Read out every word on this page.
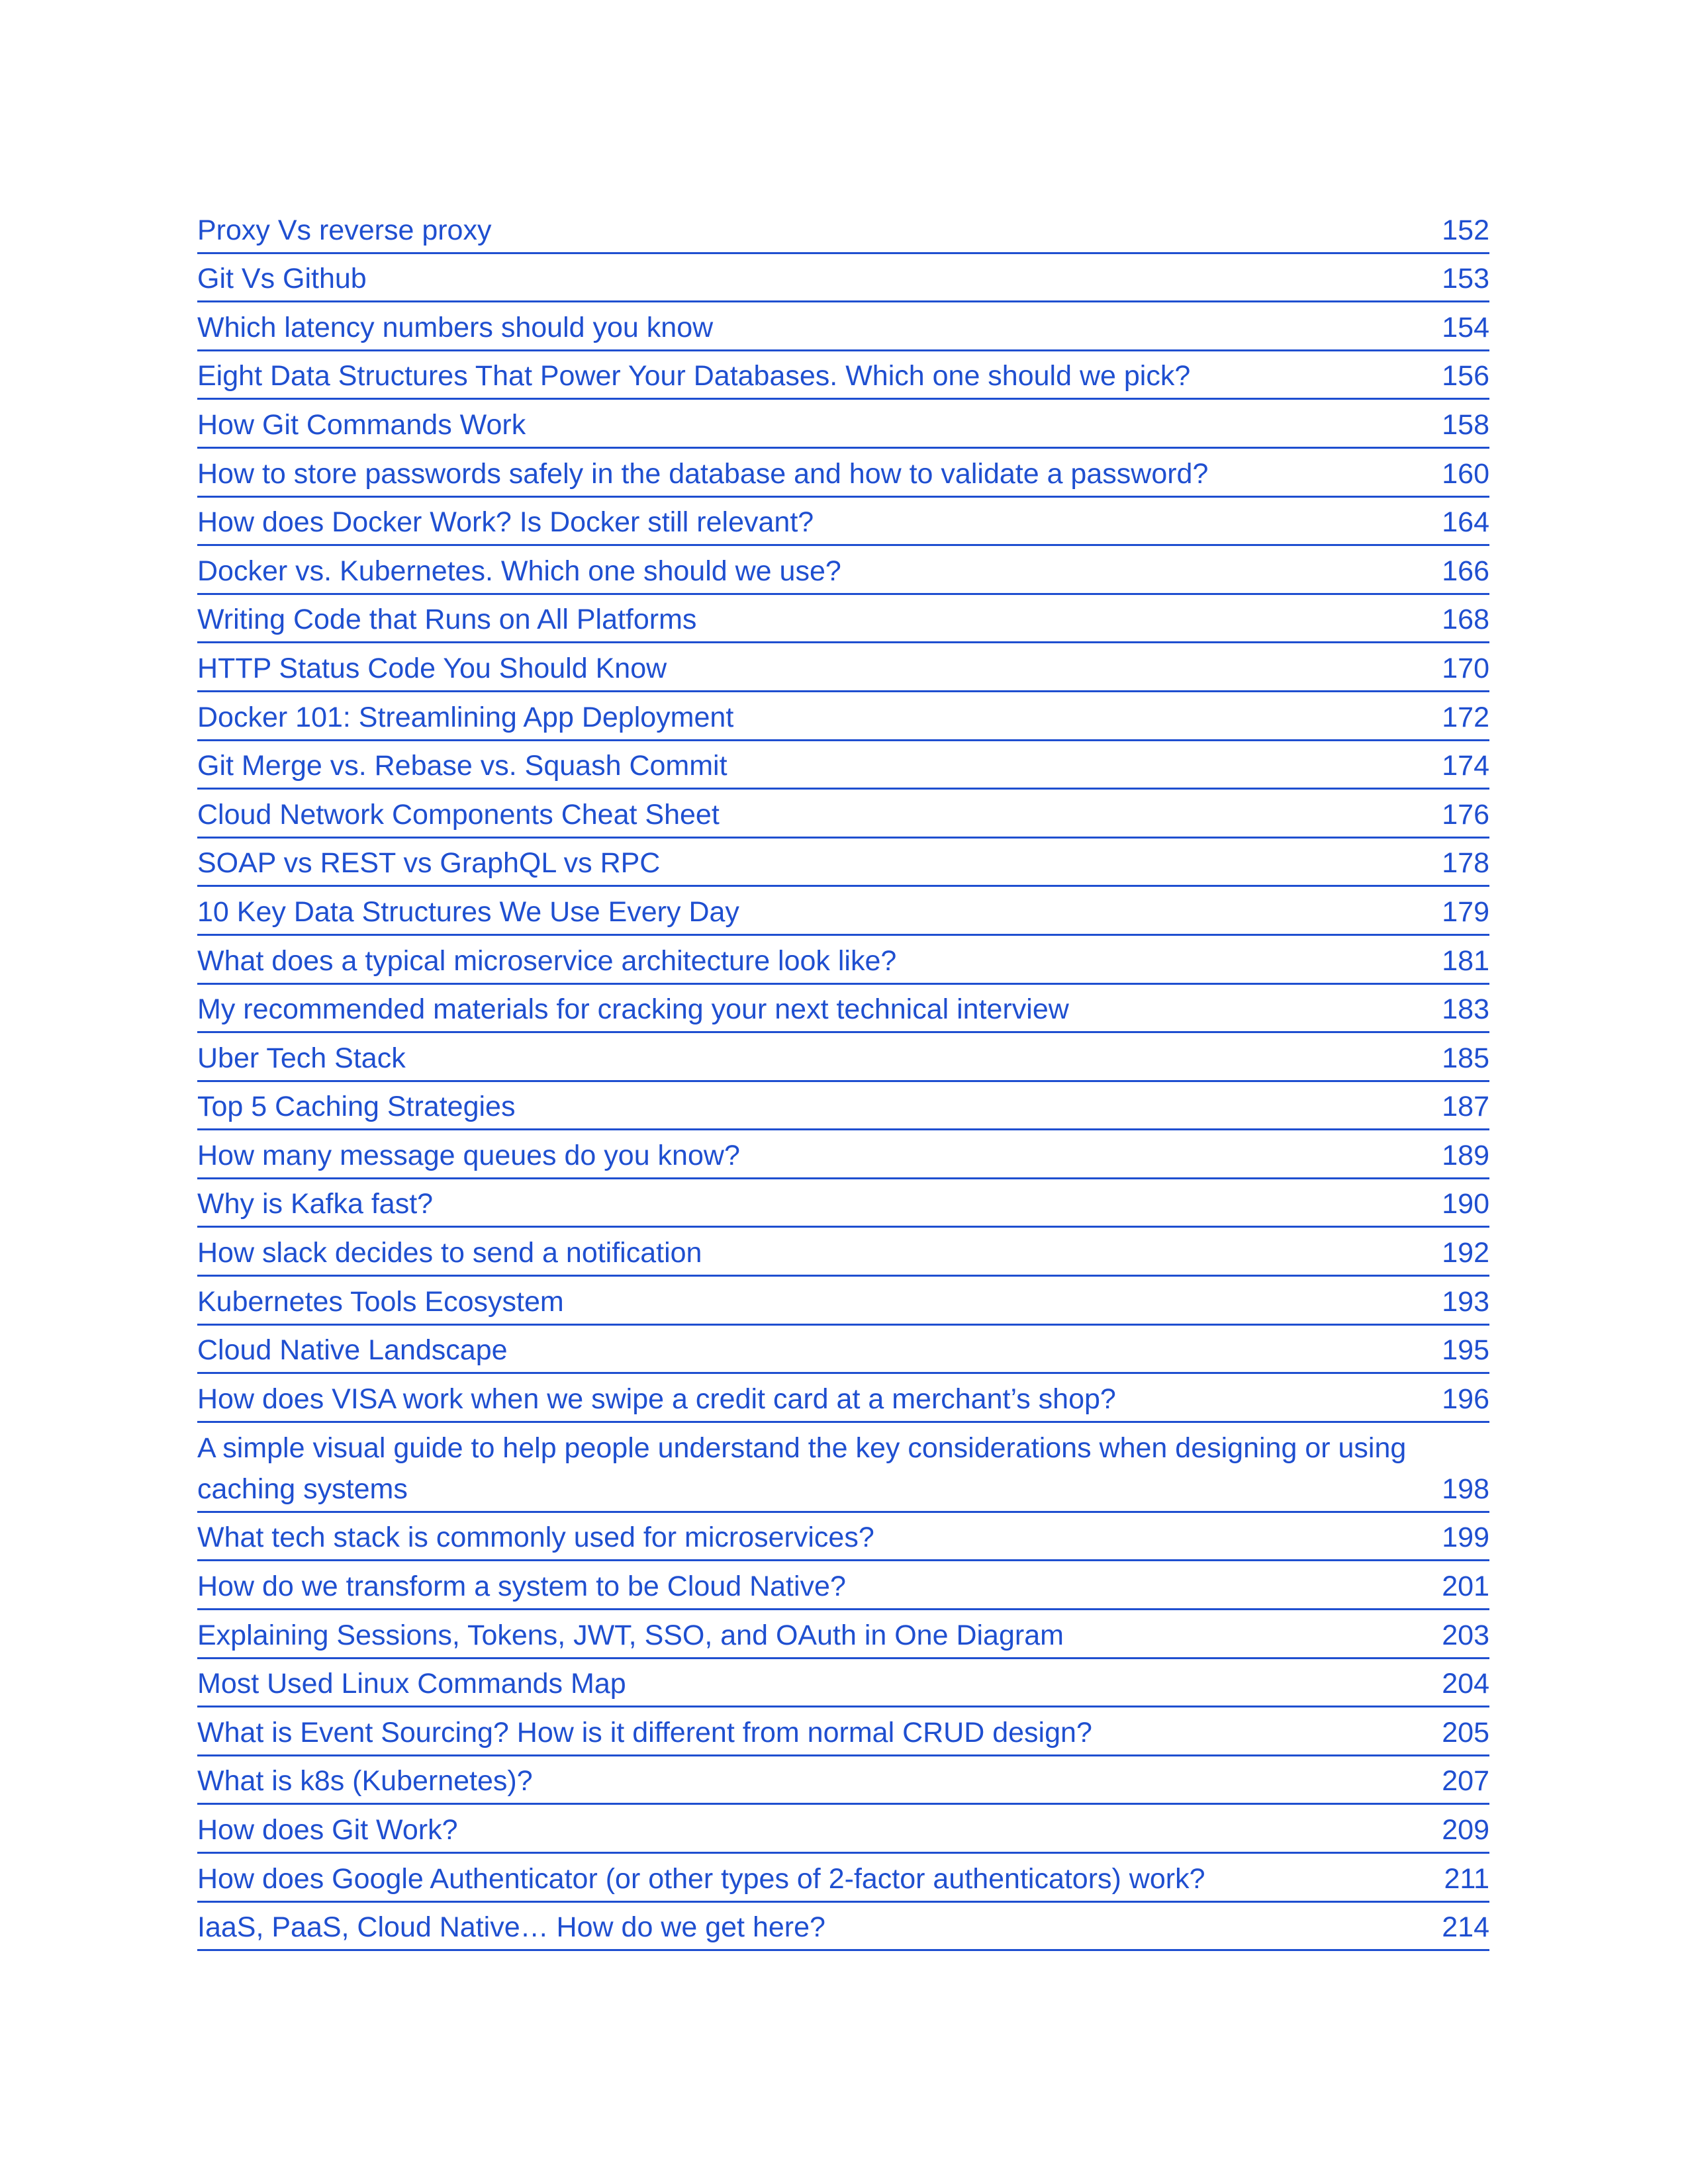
Proxy Vs reverse proxy	152
Git Vs Github	153
Which latency numbers should you know	154
Eight Data Structures That Power Your Databases. Which one should we pick?	156
How Git Commands Work	158
How to store passwords safely in the database and how to validate a password?	160
How does Docker Work? Is Docker still relevant?	164
Docker vs. Kubernetes. Which one should we use?	166
Writing Code that Runs on All Platforms	168
HTTP Status Code You Should Know	170
Docker 101: Streamlining App Deployment	172
Git Merge vs. Rebase vs. Squash Commit	174
Cloud Network Components Cheat Sheet	176
SOAP vs REST vs GraphQL vs RPC	178
10 Key Data Structures We Use Every Day	179
What does a typical microservice architecture look like?	181
My recommended materials for cracking your next technical interview	183
Uber Tech Stack	185
Top 5 Caching Strategies	187
How many message queues do you know?	189
Why is Kafka fast?	190
How slack decides to send a notification	192
Kubernetes Tools Ecosystem	193
Cloud Native Landscape	195
How does VISA work when we swipe a credit card at a merchant’s shop?	196
A simple visual guide to help people understand the key considerations when designing or using caching systems	198
What tech stack is commonly used for microservices?	199
How do we transform a system to be Cloud Native?	201
Explaining Sessions, Tokens, JWT, SSO, and OAuth in One Diagram	203
Most Used Linux Commands Map	204
What is Event Sourcing? How is it different from normal CRUD design?	205
What is k8s (Kubernetes)?	207
How does Git Work?	209
How does Google Authenticator (or other types of 2-factor authenticators) work?	211
IaaS, PaaS, Cloud Native… How do we get here?	214
